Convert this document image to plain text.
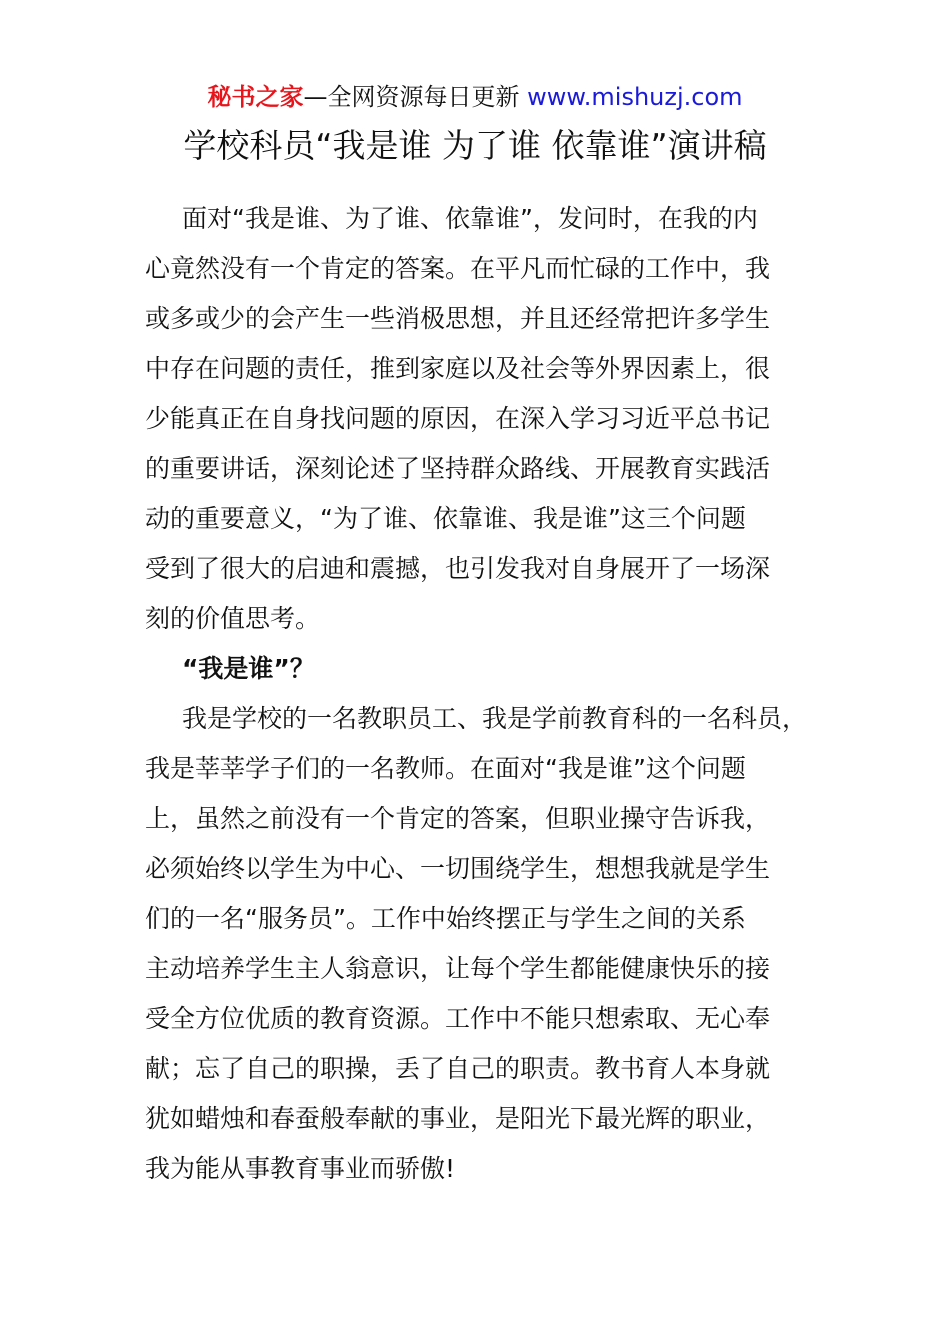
秘书之家—全网资源每日更新 www.mishuzj.com
学校科员“我是谁 为了谁 依靠谁”演讲稿
面对“我是谁、为了谁、依靠谁”，发问时，在我的内
心竟然没有一个肯定的答案。在平凡而忙碌的工作中，我
或多或少的会产生一些消极思想，并且还经常把许多学生
中存在问题的责任，推到家庭以及社会等外界因素上，很
少能真正在自身找问题的原因，在深入学习习近平总书记
的重要讲话，深刻论述了坚持群众路线、开展教育实践活
动的重要意义，“为了谁、依靠谁、我是谁”这三个问题
受到了很大的启迪和震撼，也引发我对自身展开了一场深
刻的价值思考。
“我是谁”？
我是学校的一名教职员工、我是学前教育科的一名科员，
我是莘莘学子们的一名教师。在面对“我是谁”这个问题
上，虽然之前没有一个肯定的答案，但职业操守告诉我，
必须始终以学生为中心、一切围绕学生，想想我就是学生
们的一名“服务员”。工作中始终摆正与学生之间的关系
主动培养学生主人翁意识，让每个学生都能健康快乐的接
受全方位优质的教育资源。工作中不能只想索取、无心奉
献；忘了自己的职操，丢了自己的职责。教书育人本身就
犹如蜡烛和春蚕般奉献的事业，是阳光下最光辉的职业，
我为能从事教育事业而骄傲!
